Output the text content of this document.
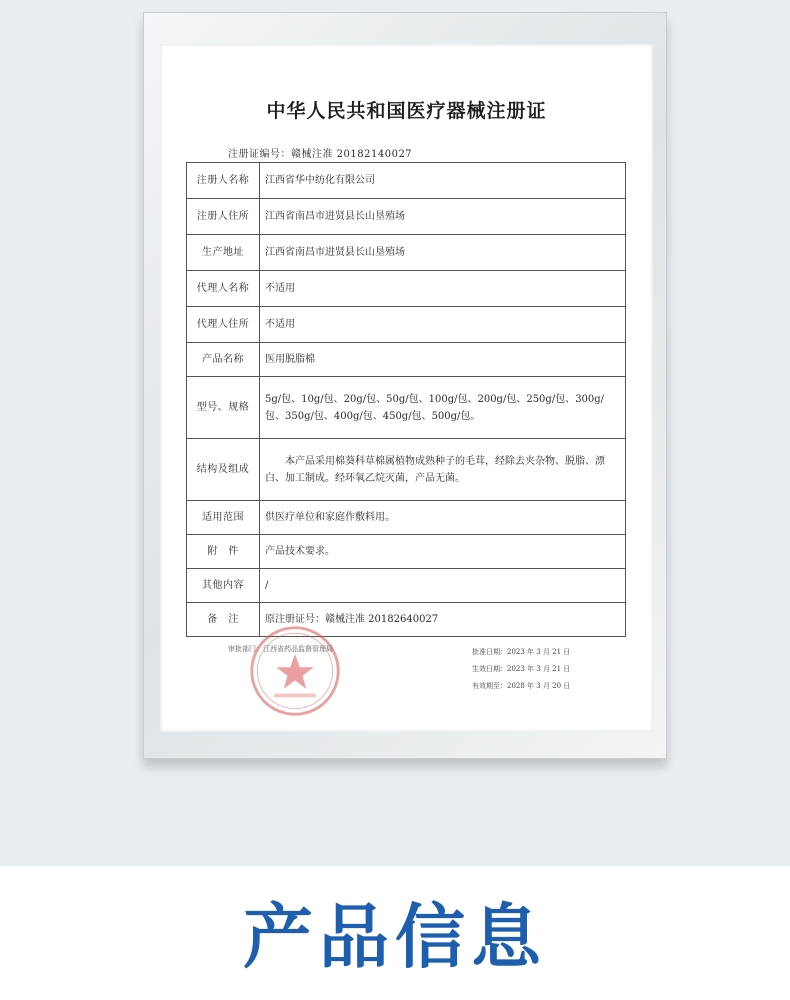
中华人民共和国医疗器械注册证
注册证编号：赣械注准 20182140027
注册人名称	江西省华中纺化有限公司
注册人住所	江西省南昌市进贤县长山垦殖场
生产地址	江西省南昌市进贤县长山垦殖场
代理人名称	不适用
代理人住所	不适用
产品名称	医用脱脂棉
型号、规格	5g/包、10g/包、20g/包、50g/包、100g/包、200g/包、250g/包、300g/包、350g/包、400g/包、450g/包、500g/包。
结构及组成	本产品采用棉葵科草棉属植物成熟种子的毛茸，经除去夹杂物、脱脂、漂白、加工制成。经环氧乙烷灭菌，产品无菌。
适用范围	供医疗单位和家庭作敷料用。
附　件	产品技术要求。
其他内容	/
备　注	原注册证号：赣械注准 20182640027
审批部门：江西省药品监督管理局	批准日期：2023 年 3 月 21 日
生效日期：2023 年 3 月 21 日
有效期至：2028 年 3 月 20 日
产品信息
